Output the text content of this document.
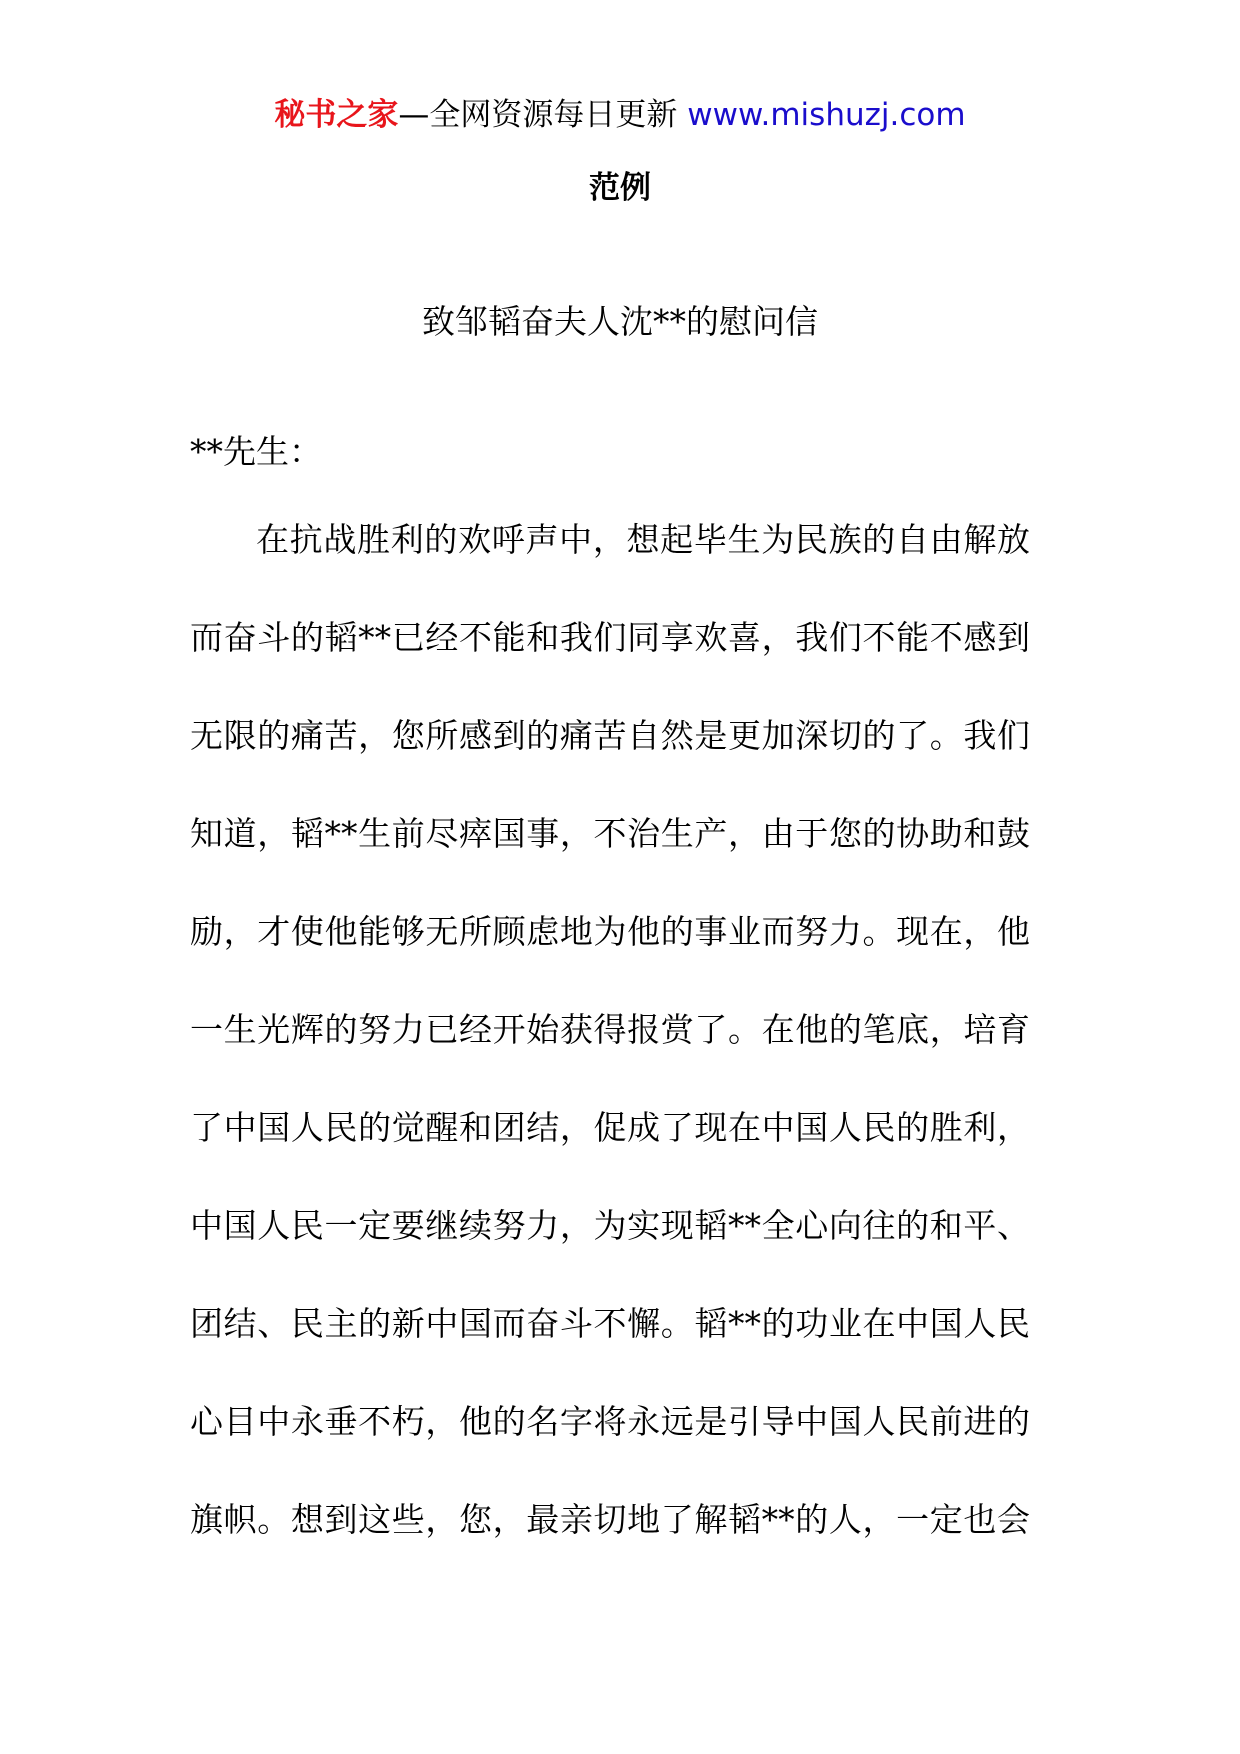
秘书之家—全网资源每日更新 www.mishuzj.com
范例
致邹韬奋夫人沈**的慰问信
**先生：
在抗战胜利的欢呼声中，想起毕生为民族的自由解放
而奋斗的韬**已经不能和我们同享欢喜，我们不能不感到
无限的痛苦，您所感到的痛苦自然是更加深切的了。我们
知道，韬**生前尽瘁国事，不治生产，由于您的协助和鼓
励，才使他能够无所顾虑地为他的事业而努力。现在，他
一生光辉的努力已经开始获得报赏了。在他的笔底，培育
了中国人民的觉醒和团结，促成了现在中国人民的胜利，
中国人民一定要继续努力，为实现韬**全心向往的和平、
团结、民主的新中国而奋斗不懈。韬**的功业在中国人民
心目中永垂不朽，他的名字将永远是引导中国人民前进的
旗帜。想到这些，您，最亲切地了解韬**的人，一定也会
